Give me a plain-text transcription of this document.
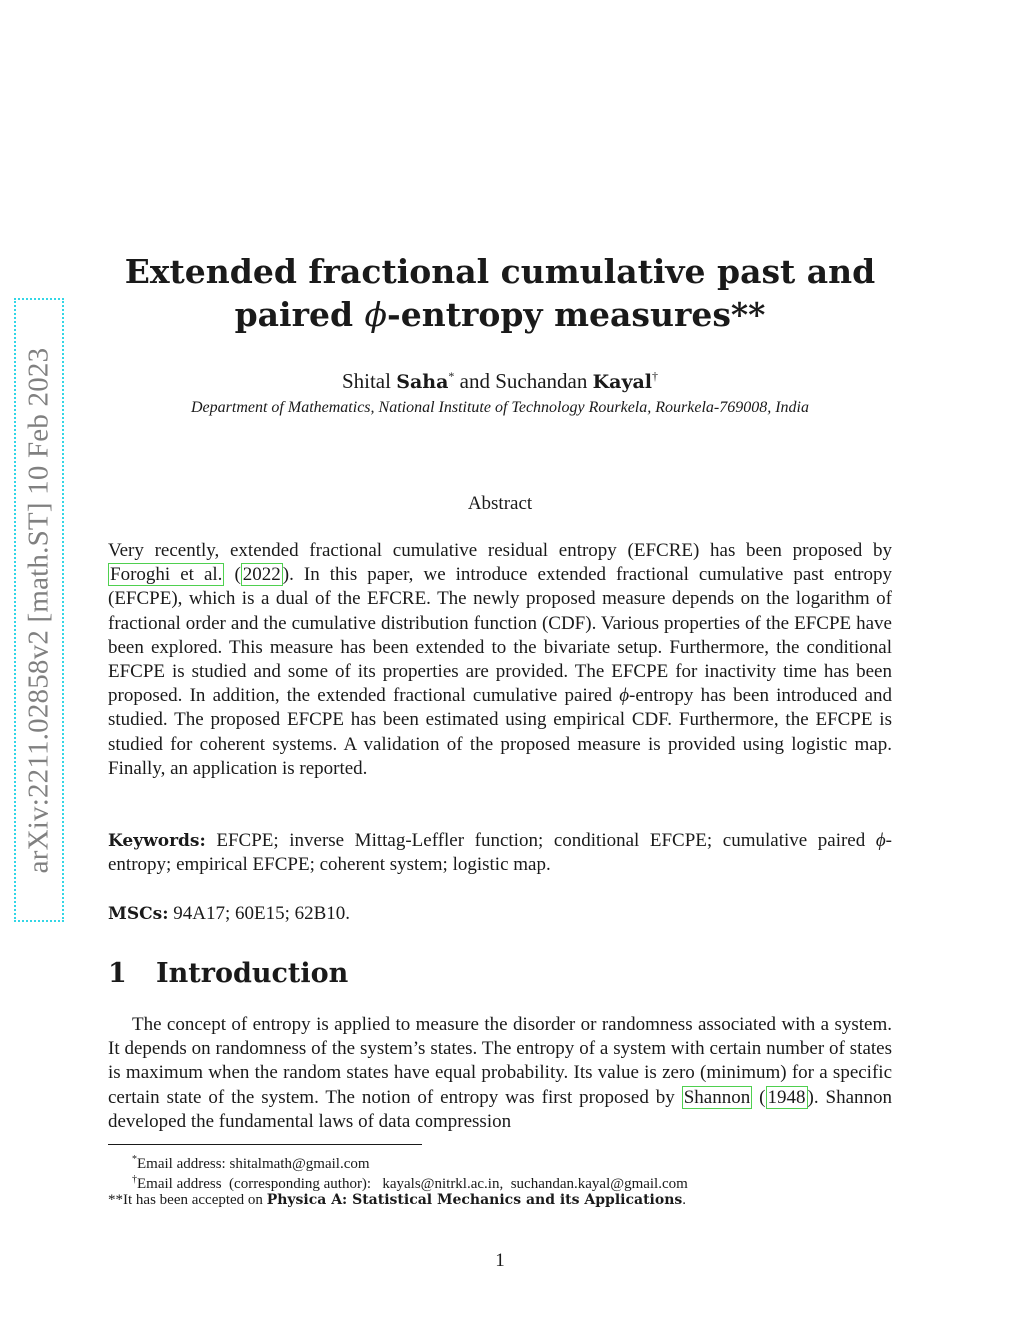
arXiv:2211.02858v2 [math.ST] 10 Feb 2023
Extended fractional cumulative past and
paired ϕ-entropy measures**
Shital Saha* and Suchandan Kayal†
Department of Mathematics, National Institute of Technology Rourkela, Rourkela-769008, India
Abstract
Very recently, extended fractional cumulative residual entropy (EFCRE) has been proposed by Foroghi et al. ( 2022 ). In this paper, we introduce extended fractional cumulative past entropy (EFCPE), which is a dual of the EFCRE. The newly proposed measure depends on the logarithm of fractional order and the cumulative distribution function (CDF). Various properties of the EFCPE have been explored. This measure has been extended to the bivariate setup. Furthermore, the conditional EFCPE is studied and some of its properties are provided. The EFCPE for inactivity time has been proposed. In addition, the extended fractional cumulative paired ϕ-entropy has been introduced and studied. The proposed EFCPE has been estimated using empirical CDF. Furthermore, the EFCPE is studied for coherent systems. A validation of the proposed measure is provided using logistic map. Finally, an application is reported.
Keywords: EFCPE; inverse Mittag-Leffler function; conditional EFCPE; cumulative paired ϕ-entropy; empirical EFCPE; coherent system; logistic map.
MSCs: 94A17; 60E15; 62B10.
1 Introduction
The concept of entropy is applied to measure the disorder or randomness associated with a system. It depends on randomness of the system’s states. The entropy of a system with certain number of states is maximum when the random states have equal probability. Its value is zero (minimum) for a specific certain state of the system. The notion of entropy was first proposed by Shannon ( 1948 ). Shannon developed the fundamental laws of data compression
*Email address: shitalmath@gmail.com
†Email address  (corresponding author):   kayals@nitrkl.ac.in,  suchandan.kayal@gmail.com
**It has been accepted on Physica A: Statistical Mechanics and its Applications.
1
